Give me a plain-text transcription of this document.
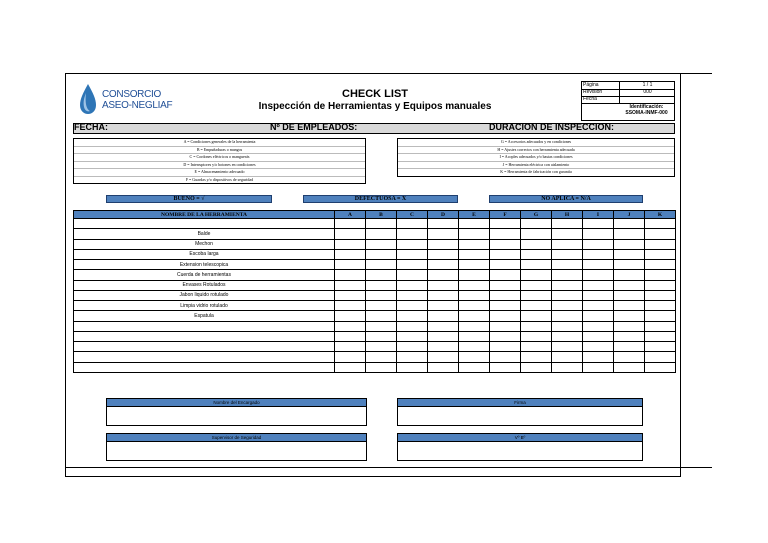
CONSORCIO
ASEO-NEGLIAF
CHECK LIST
Inspección de Herramientas y Equipos manuales
Página	1 / 1
Revisión	000
Fecha
Identificación:
SSOMA-INMF-000
FECHA:	Nº DE EMPLEADOS:	DURACION DE INSPECCION:
A = Condiciones generales de la herramienta
B = Empuñaduras o mangos
C = Cordones eléctricos o manguerás
D = Interruptores y/o botones en condiciones
E = Almacenamiento adecuado
F = Guardas y/o dispositivos de seguridad
G = Accesorios adecuados y en condiciones
H = Ajustes correctos con herramienta adecuada
I = Acoples adecuados y/o bastas condiciones
J = Herramienta eléctrica con aislamiento
K = Herramienta de fabricación con garantía
BUENO = √	DEFECTUOSA = X	NO APLICA = N/A
NOMBRE DE LA HERRAMIENTA	A	B	C	D	E	F	G	H	I	J	K

Balde											
Mechon											
Escoba larga											
Extension telescopica											
Cuerda de herramientas											
Envases Rotulados											
Jabon liquido rotulado											
Limpia vidrio rotulado											
Espatula											

Nombre del Encargado	Firma
Supervisor de Seguridad	Vº Bº
